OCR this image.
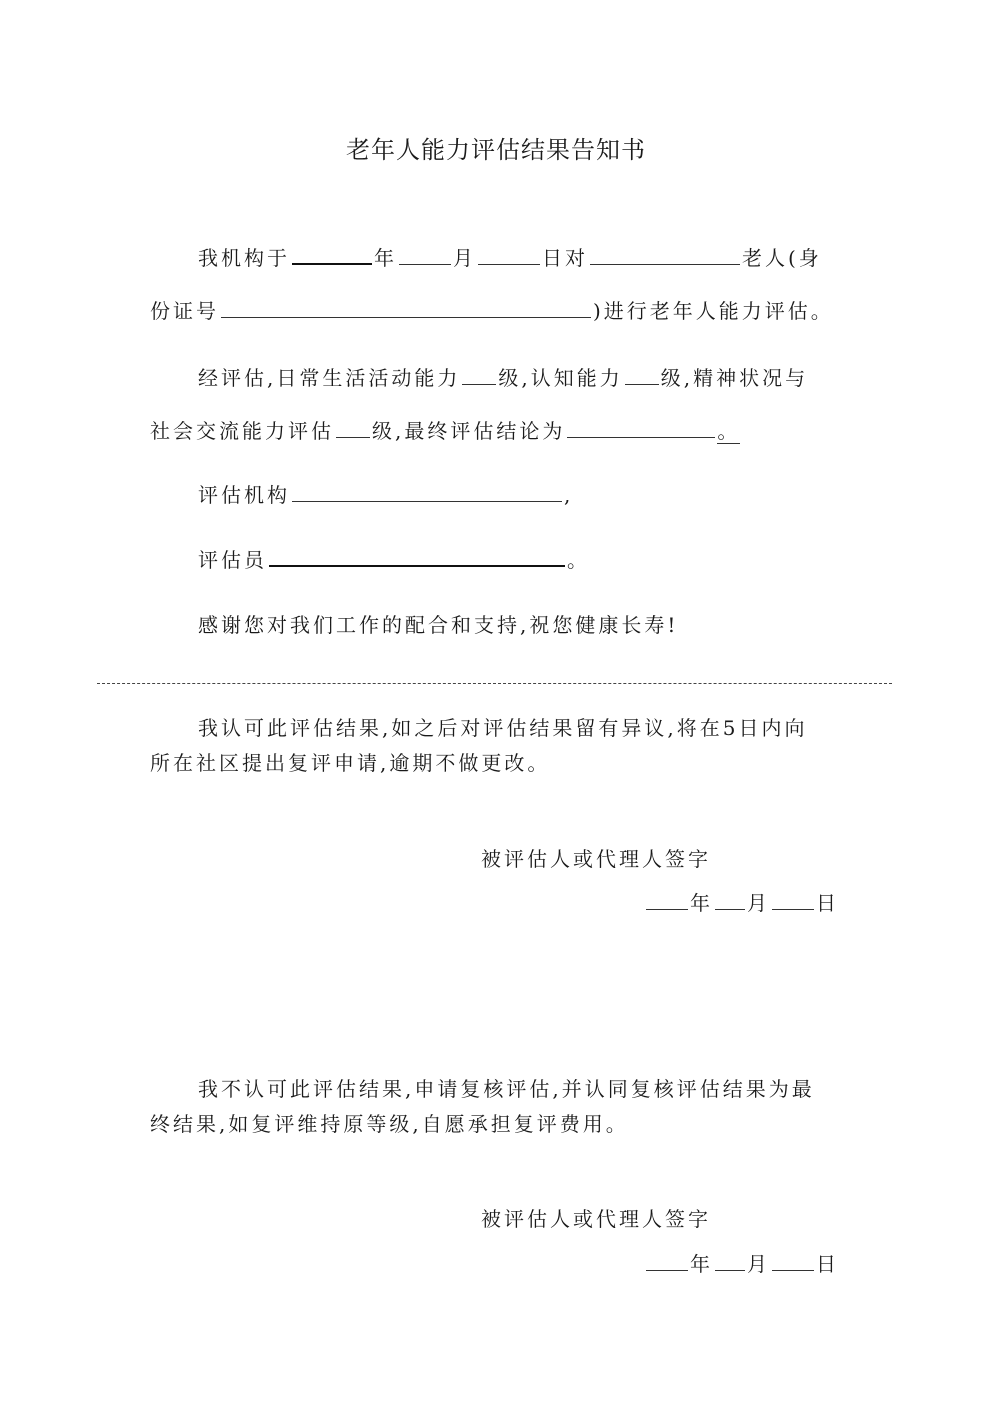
老年人能力评估结果告知书
我机构于	年	月	日对	老人(身
份证号	)进行老年人能力评估。
经评估,日常生活活动能力 级,认知能力 级,精神状况与
社会交流能力评估 级,最终评估结论为	。
评估机构	,
评估员	。
感谢您对我们工作的配合和支持,祝您健康长寿!
我认可此评估结果,如之后对评估结果留有异议,将在5日内向
所在社区提出复评申请,逾期不做更改。
被评估人或代理人签字
年 月 日
我不认可此评估结果,申请复核评估,并认同复核评估结果为最
终结果,如复评维持原等级,自愿承担复评费用。
被评估人或代理人签字
年 月 日
